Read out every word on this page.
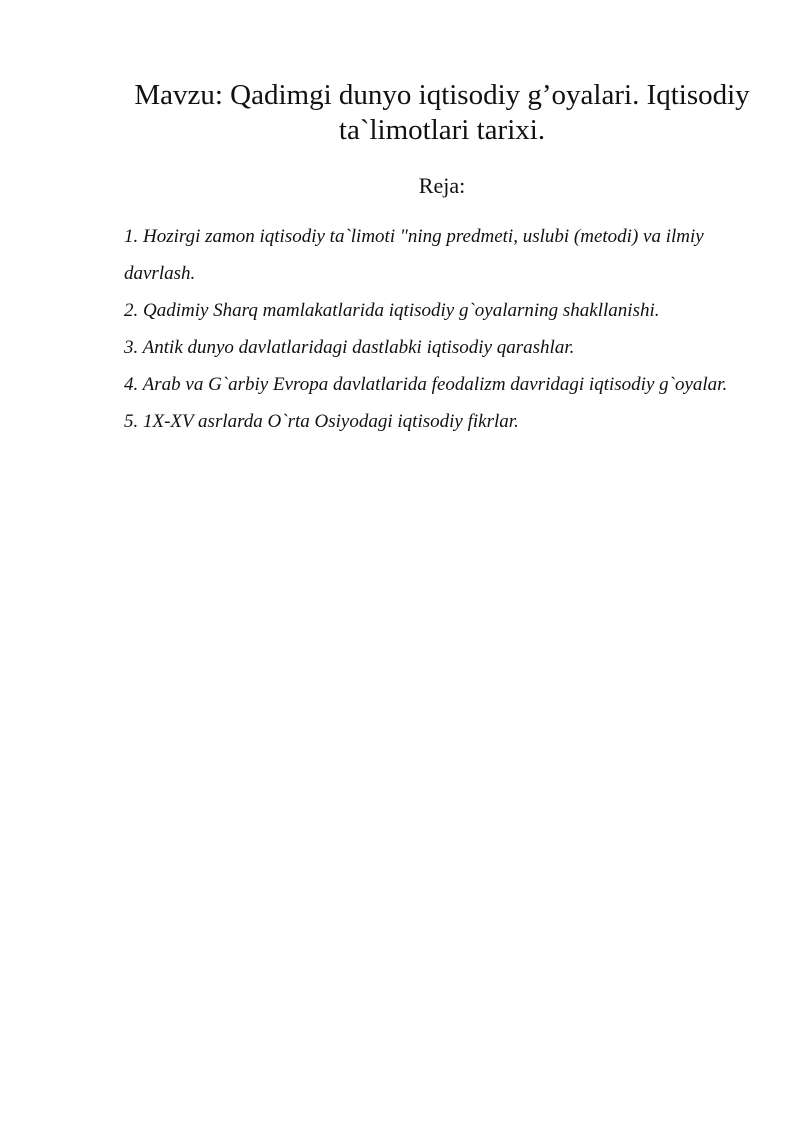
Mavzu: Qadimgi dunyo iqtisodiy g’oyalari. Iqtisodiy
ta`limotlari tarixi.

Reja:

1. Hozirgi zamon iqtisodiy ta`limoti "ning predmeti, uslubi (metodi) va ilmiy davrlash.
2. Qadimiy Sharq mamlakatlarida iqtisodiy g`oyalarning shakllanishi.
3. Antik dunyo davlatlaridagi dastlabki iqtisodiy qarashlar.
4. Arab va G`arbiy Evropa davlatlarida feodalizm davridagi iqtisodiy g`oyalar.
5. 1X-XV asrlarda O`rta Osiyodagi iqtisodiy fikrlar.
